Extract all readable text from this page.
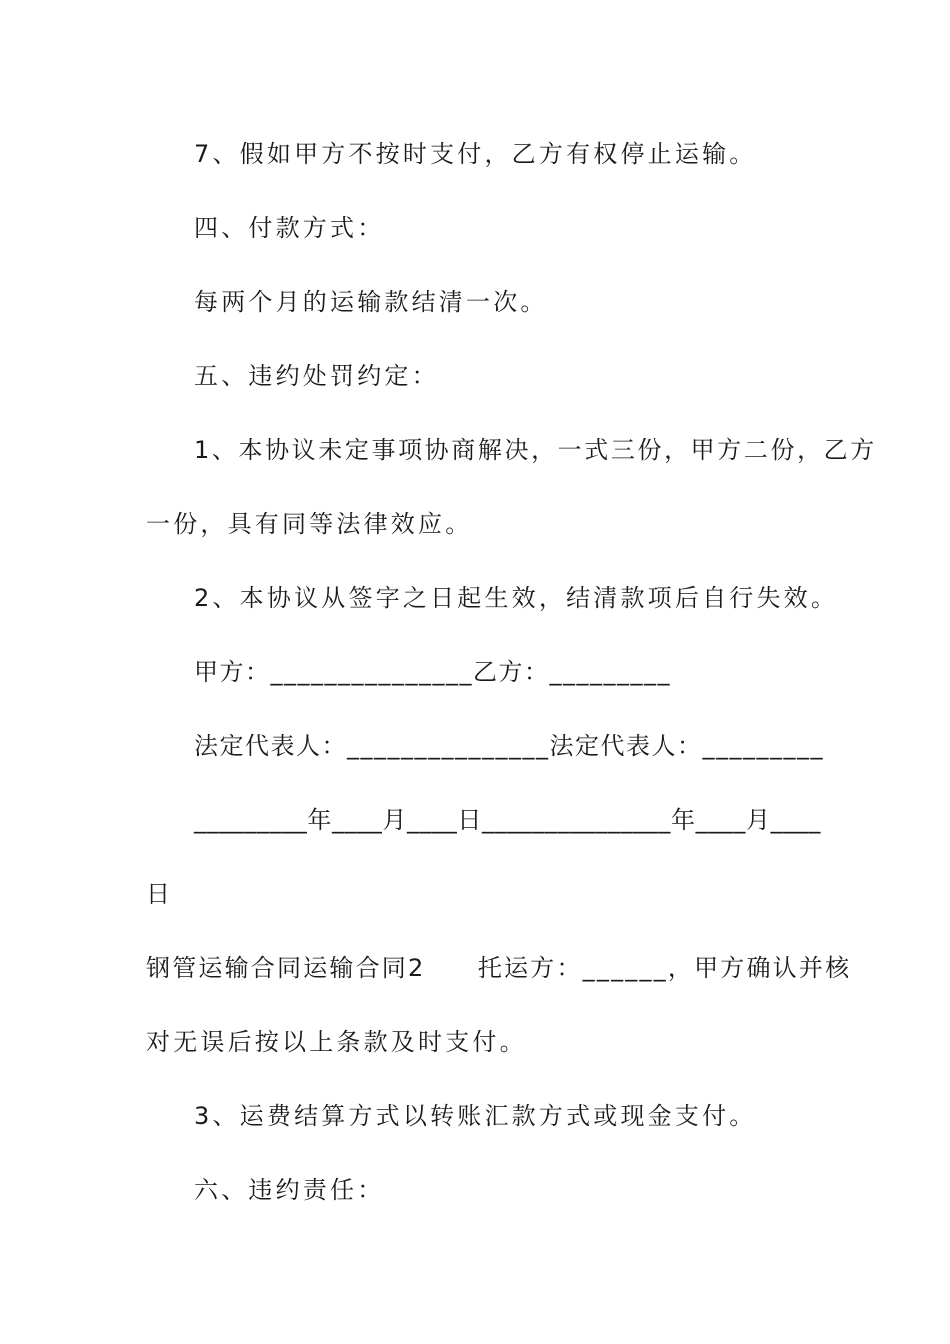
7、假如甲方不按时支付，乙方有权停止运输。
四、付款方式：
每两个月的运输款结清一次。
五、违约处罚约定：
1、本协议未定事项协商解决，一式三份，甲方二份，乙方
一份，具有同等法律效应。
2、本协议从签字之日起生效，结清款项后自行失效。
甲方：_______________乙方：_________
法定代表人：_______________法定代表人：_________
_________年____月____日_______________年____月____
日
钢管运输合同运输合同2　　托运方：______，甲方确认并核
对无误后按以上条款及时支付。
3、运费结算方式以转账汇款方式或现金支付。
六、违约责任：
